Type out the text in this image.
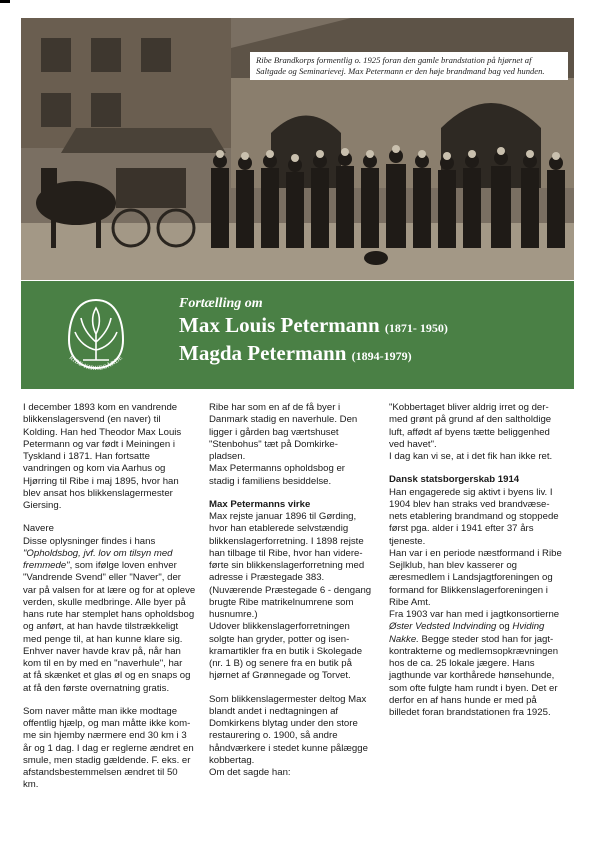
Ribe Brandkorps formentlig o. 1925 foran den gamle brandstation på hjørnet af Saltgade og Seminarievej. Max Petermann er den høje brandmand bag ved hunden.
RIBE KIRKEGÅRDE
Fortælling om
Max Louis Petermann (1871- 1950)
Magda Petermann (1894-1979)

I december 1893 kom en vandrende
blikkenslagersvend (en naver) til
Kolding. Han hed Theodor Max Louis
Petermann og var født i Meiningen i
Tyskland i 1871. Han fortsatte
vandringen og kom via Aarhus og
Hjørring til Ribe i maj 1895, hvor han
blev ansat hos blikkenslagermester
Giersing.

Navere

Disse oplysninger findes i hans
"Opholdsbog, jvf. lov om tilsyn med
fremmede", som ifølge loven enhver
"Vandrende Svend" eller "Naver", der
var på valsen for at lære og for at opleve
verden, skulle medbringe. Alle byer på
hans rute har stemplet hans opholdsbog
og anført, at han havde tilstrækkeligt
med penge til, at han kunne klare sig.
Enhver naver havde krav på, når han
kom til en by med en "naverhule", har
at få skænket et glas øl og en snaps og
at få den første overnatning gratis.

Som naver måtte man ikke modtage
offentlig hjælp, og man måtte ikke kom-
me sin hjemby nærmere end 30 km i 3
år og 1 dag. I dag er reglerne ændret en
smule, men stadig gældende. F. eks. er
afstandsbestemmelsen ændret til 50
km.

Ribe har som en af de få byer i
Danmark stadig en naverhule. Den
ligger i gården bag værtshuset
"Stenbohus" tæt på Domkirke-
pladsen.
Max Petermanns opholdsbog er
stadig i familiens besiddelse.

Max Petermanns virke

Max rejste januar 1896 til Gørding,
hvor han etablerede selvstændig
blikkenslagerforretning. I 1898 rejste
han tilbage til Ribe, hvor han videre-
førte sin blikkenslagerforretning med
adresse i Præstegade 383.
(Nuværende Præstegade 6 - dengang
brugte Ribe matrikelnumrene som
husnumre.)
Udover blikkenslagerforretningen
solgte han gryder, potter og isen-
kramartikler fra en butik i Skolegade
(nr. 1 B) og senere fra en butik på
hjørnet af Grønnegade og Torvet.

Som blikkenslagermester deltog Max
blandt andet i nedtagningen af
Domkirkens blytag under den store
restaurering o. 1900, så andre
håndværkere i stedet kunne pålægge
kobbertag.
Om det sagde han:

"Kobbertaget bliver aldrig irret og der-
med grønt på grund af den saltholdige
luft, affødt af byens tætte beliggenhed
ved havet".
I dag kan vi se, at i det fik han ikke ret.

Dansk statsborgerskab 1914

Han engagerede sig aktivt i byens liv. I
1904 blev han straks ved brandvæse-
nets etablering brandmand og stoppede
først pga. alder i 1941 efter 37 års
tjeneste.
Han var i en periode næstformand i Ribe
Sejlklub, han blev kasserer og
æresmedlem i Landsjagtforeningen og
formand for Blikkenslagerforeningen i
Ribe Amt.
Fra 1903 var han med i jagtkonsortierne
Øster Vedsted Indvinding og Hviding
Nakke. Begge steder stod han for jagt-
kontrakterne og medlemsopkrævningen
hos de ca. 25 lokale jægere. Hans
jagthunde var korthårede hønsehunde,
som ofte fulgte ham rundt i byen. Det er
derfor en af hans hunde er med på
billedet foran brandstationen fra 1925.
